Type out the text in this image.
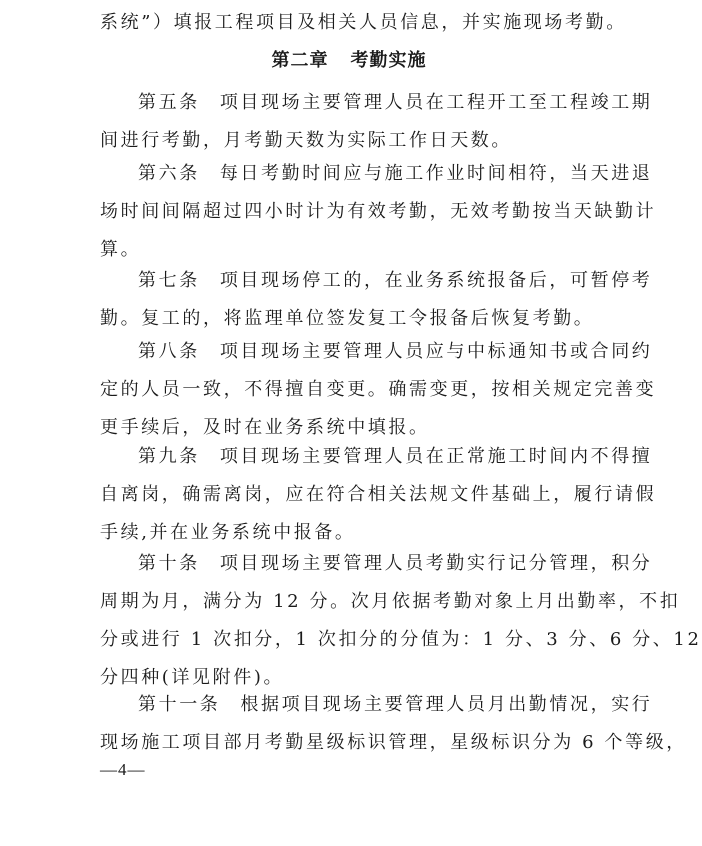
系统”）填报工程项目及相关人员信息，并实施现场考勤。
第二章 考勤实施
第五条 项目现场主要管理人员在工程开工至工程竣工期
间进行考勤，月考勤天数为实际工作日天数。
第六条 每日考勤时间应与施工作业时间相符，当天进退
场时间间隔超过四小时计为有效考勤，无效考勤按当天缺勤计
算。
第七条 项目现场停工的，在业务系统报备后，可暂停考
勤。复工的，将监理单位签发复工令报备后恢复考勤。
第八条 项目现场主要管理人员应与中标通知书或合同约
定的人员一致，不得擅自变更。确需变更，按相关规定完善变
更手续后，及时在业务系统中填报。
第九条 项目现场主要管理人员在正常施工时间内不得擅
自离岗，确需离岗，应在符合相关法规文件基础上，履行请假
手续,并在业务系统中报备。
第十条 项目现场主要管理人员考勤实行记分管理，积分
周期为月，满分为 12 分。次月依据考勤对象上月出勤率，不扣
分或进行 1 次扣分，1 次扣分的分值为：1 分、3 分、6 分、12
分四种(详见附件)。
第十一条 根据项目现场主要管理人员月出勤情况，实行
现场施工项目部月考勤星级标识管理，星级标识分为 6 个等级，
—4—
